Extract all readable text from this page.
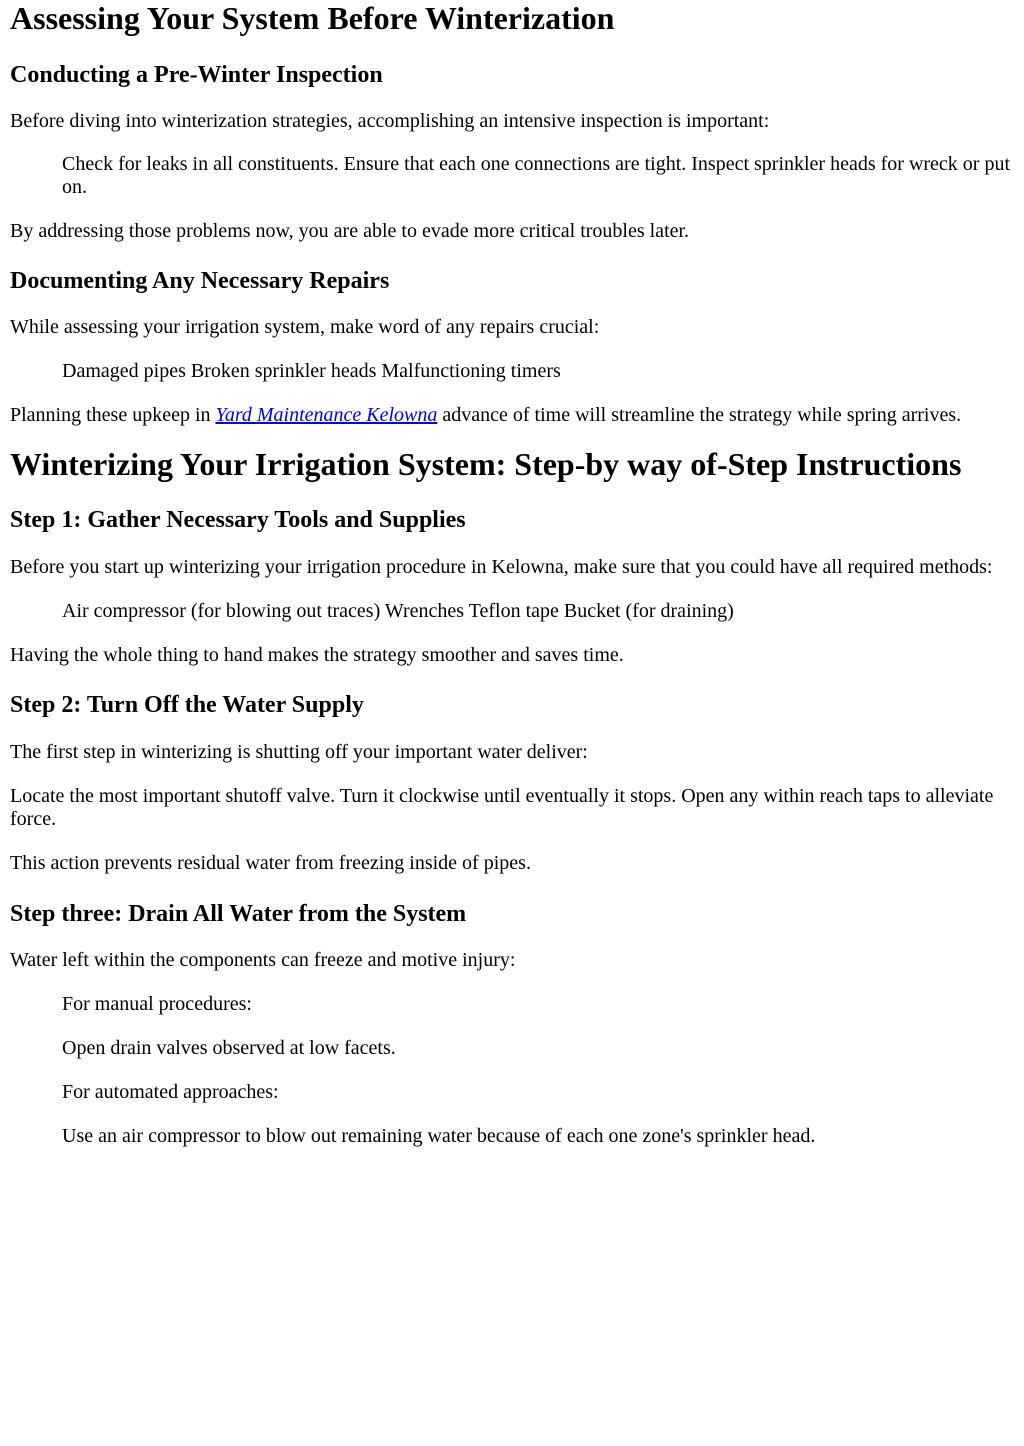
Assessing Your System Before Winterization
Conducting a Pre-Winter Inspection

Before diving into winterization strategies, accomplishing an intensive inspection is important:

Check for leaks in all constituents. Ensure that each one connections are tight. Inspect sprinkler heads for wreck or put on.

By addressing those problems now, you are able to evade more critical troubles later.

Documenting Any Necessary Repairs

While assessing your irrigation system, make word of any repairs crucial:

Damaged pipes Broken sprinkler heads Malfunctioning timers

Planning these upkeep in Yard Maintenance Kelowna advance of time will streamline the strategy while spring arrives.

Winterizing Your Irrigation System: Step-by way of-Step Instructions
Step 1: Gather Necessary Tools and Supplies

Before you start up winterizing your irrigation procedure in Kelowna, make sure that you could have all required methods:

Air compressor (for blowing out traces) Wrenches Teflon tape Bucket (for draining)

Having the whole thing to hand makes the strategy smoother and saves time.

Step 2: Turn Off the Water Supply

The first step in winterizing is shutting off your important water deliver:

Locate the most important shutoff valve. Turn it clockwise until eventually it stops. Open any within reach taps to alleviate force.

This action prevents residual water from freezing inside of pipes.

Step three: Drain All Water from the System

Water left within the components can freeze and motive injury:

For manual procedures:
Open drain valves observed at low facets.
For automated approaches:
Use an air compressor to blow out remaining water because of each one zone's sprinkler head.
